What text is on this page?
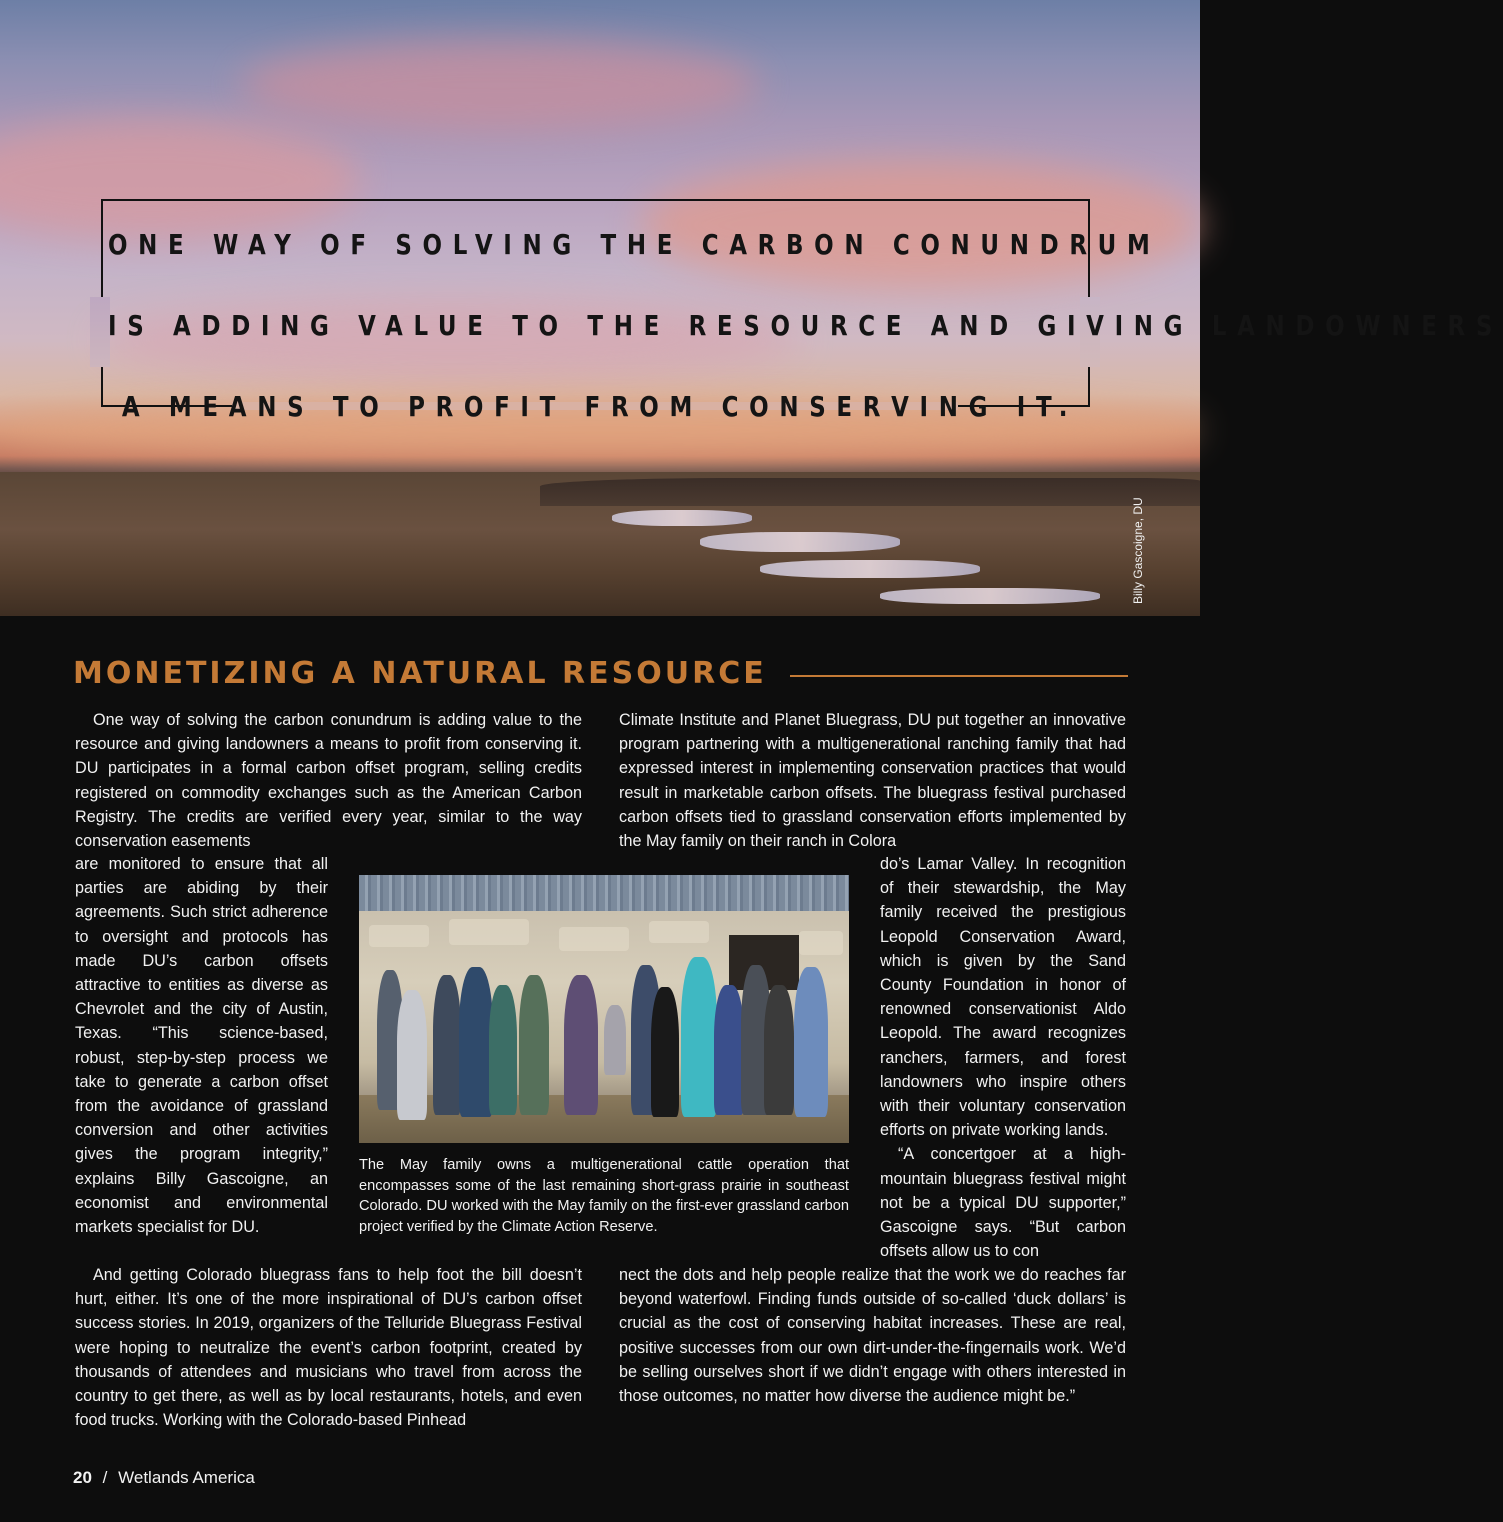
ONE WAY OF SOLVING THE CARBON CONUNDRUM
IS ADDING VALUE TO THE RESOURCE AND GIVING LANDOWNERS
A MEANS TO PROFIT FROM CONSERVING IT.
Billy Gascoigne, DU
MONETIZING A NATURAL RESOURCE

One way of solving the carbon conundrum is adding value to the resource and giving landowners a means to profit from conserving it. DU participates in a formal carbon offset program, selling credits registered on commodity exchanges such as the American Carbon Registry. The credits are verified every year, similar to the way conservation easements

are monitored to ensure that all parties are abiding by their agreements. Such strict adherence to oversight and protocols has made DU’s carbon offsets attractive to entities as diverse as Chevrolet and the city of Austin, Texas. “This science-based, robust, step-by-step process we take to generate a carbon offset from the avoidance of grassland conversion and other activities gives the program integrity,” explains Billy Gascoigne, an economist and environmental markets specialist for DU.

And getting Colorado bluegrass fans to help foot the bill doesn’t hurt, either. It’s one of the more inspirational of DU’s carbon offset success stories. In 2019, organizers of the Telluride Bluegrass Festival were hoping to neutralize the event’s carbon footprint, created by thousands of attendees and musicians who travel from across the country to get there, as well as by local restaurants, hotels, and even food trucks. Working with the Colorado-based Pinhead

Climate Institute and Planet Bluegrass, DU put together an innovative program partnering with a multigenerational ranching family that had expressed interest in implementing conservation practices that would result in marketable carbon offsets. The bluegrass festival purchased carbon offsets tied to grassland conservation efforts implemented by the May family on their ranch in Colora

do’s Lamar Valley. In recognition of their stewardship, the May family received the prestigious Leopold Conservation Award, which is given by the Sand County Foundation in honor of renowned conservationist Aldo Leopold. The award recognizes ranchers, farmers, and forest landowners who inspire others with their voluntary conservation efforts on private working lands.

“A concertgoer at a high-mountain bluegrass festival might not be a typical DU supporter,” Gascoigne says. “But carbon offsets allow us to con

nect the dots and help people realize that the work we do reaches far beyond waterfowl. Finding funds outside of so-called ‘duck dollars’ is crucial as the cost of conserving habitat increases. These are real, positive successes from our own dirt-under-the-fingernails work. We’d be selling ourselves short if we didn’t engage with others interested in those outcomes, no matter how diverse the audience might be.”

The May family owns a multigenerational cattle operation that encompasses some of the last remaining short-grass prairie in southeast Colorado. DU worked with the May family on the first-ever grassland carbon project verified by the Climate Action Reserve.
20 / Wetlands America
